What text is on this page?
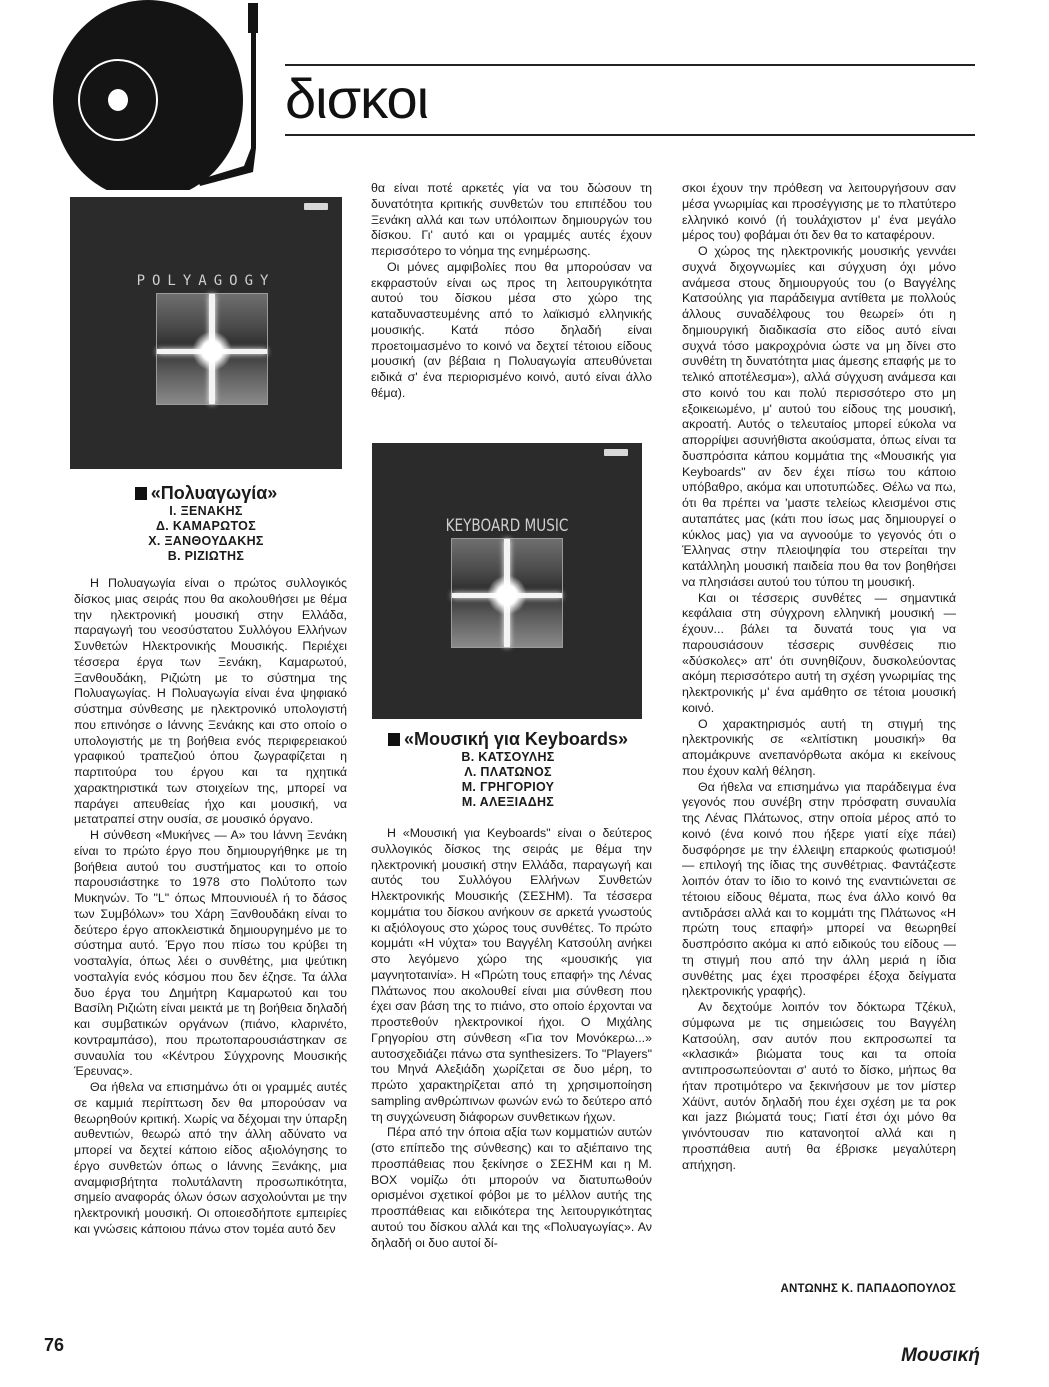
δισκοι
POLYAGOGY
«Πολυαγωγία»
Ι. ΞΕΝΑΚΗΣ
Δ. ΚΑΜΑΡΩΤΟΣ
Χ. ΞΑΝΘΟΥΔΑΚΗΣ
Β. ΡΙΖΙΩΤΗΣ

Η Πολυαγωγία είναι ο πρώτος συλλογικός δίσκος μιας σειράς που θα ακολουθήσει με θέμα την ηλεκτρονική μουσική στην Ελλάδα, παραγωγή του νεοσύστατου Συλλόγου Ελλήνων Συνθετών Ηλεκτρονικής Μουσικής. Περιέχει τέσσερα έργα των Ξενάκη, Καμαρωτού, Ξανθουδάκη, Ριζιώτη με το σύστημα της Πολυαγωγίας. Η Πολυαγωγία είναι ένα ψηφιακό σύστημα σύνθεσης με ηλεκτρονικό υπολογιστή που επινόησε ο Ιάννης Ξενάκης και στο οποίο ο υπολογιστής με τη βοήθεια ενός περιφερειακού γραφικού τραπεζιού όπου ζωγραφίζεται η παρτιτούρα του έργου και τα ηχητικά χαρακτηριστικά των στοιχείων της, μπορεί να παράγει απευθείας ήχο και μουσική, να μετατραπεί στην ουσία, σε μουσικό όργανο.

Η σύνθεση «Μυκήνες — Α» του Ιάννη Ξενάκη είναι το πρώτο έργο που δημιουργήθηκε με τη βοήθεια αυτού του συστήματος και το οποίο παρουσιάστηκε το 1978 στο Πολύτοπο των Μυκηνών. Το "L" όπως Μπουνιουέλ ή το δάσος των Συμβόλων» του Χάρη Ξανθουδάκη είναι το δεύτερο έργο αποκλειστικά δημιουργημένο με το σύστημα αυτό. Έργο που πίσω του κρύβει τη νοσταλγία, όπως λέει ο συνθέτης, μια ψεύτικη νοσταλγία ενός κόσμου που δεν έζησε. Τα άλλα δυο έργα του Δημήτρη Καμαρωτού και του Βασίλη Ριζιώτη είναι μεικτά με τη βοήθεια δηλαδή και συμβατικών οργάνων (πιάνο, κλαρινέτο, κοντραμπάσο), που πρωτοπαρουσιάστηκαν σε συναυλία του «Κέντρου Σύγχρονης Μουσικής Έρευνας».

Θα ήθελα να επισημάνω ότι οι γραμμές αυτές σε καμμιά περίπτωση δεν θα μπορούσαν να θεωρηθούν κριτική. Χωρίς να δέχομαι την ύπαρξη αυθεντιών, θεωρώ από την άλλη αδύνατο να μπορεί να δεχτεί κάποιο είδος αξιολόγησης το έργο συνθετών όπως ο Ιάννης Ξενάκης, μια αναμφισβήτητα πολυτάλαντη προσωπικότητα, σημείο αναφοράς όλων όσων ασχολούνται με την ηλεκτρονική μουσική. Οι οποιεσδήποτε εμπειρίες και γνώσεις κάποιου πάνω στον τομέα αυτό δεν

θα είναι ποτέ αρκετές γία να του δώσουν τη δυνατότητα κριτικής συνθετών του επιπέδου του Ξενάκη αλλά και των υπόλοιπων δημιουργών του δίσκου. Γι' αυτό και οι γραμμές αυτές έχουν περισσότερο το νόημα της ενημέρωσης.

Οι μόνες αμφιβολίες που θα μπορούσαν να εκφραστούν είναι ως προς τη λειτουργικότητα αυτού του δίσκου μέσα στο χώρο της καταδυναστευμένης από το λαϊκισμό ελληνικής μουσικής. Κατά πόσο δηλαδή είναι προετοιμασμένο το κοινό να δεχτεί τέτοιου είδους μουσική (αν βέβαια η Πολυαγωγία απευθύνεται ειδικά σ' ένα περιορισμένο κοινό, αυτό είναι άλλο θέμα).

KEYBOARD MUSIC
«Μουσική για Keyboards»
Β. ΚΑΤΣΟΥΛΗΣ
Λ. ΠΛΑΤΩΝΟΣ
Μ. ΓΡΗΓΟΡΙΟΥ
Μ. ΑΛΕΞΙΑΔΗΣ

Η «Μουσική για Keyboards" είναι ο δεύτερος συλλογικός δίσκος της σειράς με θέμα την ηλεκτρονική μουσική στην Ελλάδα, παραγωγή και αυτός του Συλλόγου Ελλήνων Συνθετών Ηλεκτρονικής Μουσικής (ΣΕΣΗΜ). Τα τέσσερα κομμάτια του δίσκου ανήκουν σε αρκετά γνωστούς κι αξιόλογους στο χώρος τους συνθέτες. Το πρώτο κομμάτι «Η νύχτα» του Βαγγέλη Κατσούλη ανήκει στο λεγόμενο χώρο της «μουσικής για μαγνητοταινία». Η «Πρώτη τους επαφή» της Λένας Πλάτωνος που ακολουθεί είναι μια σύνθεση που έχει σαν βάση της το πιάνο, στο οποίο έρχονται να προστεθούν ηλεκτρονικοί ήχοι. Ο Μιχάλης Γρηγορίου στη σύνθεση «Για τον Μονόκερω...» αυτοσχεδιάζει πάνω στα synthesizers. Το "Players" του Μηνά Αλεξιάδη χωρίζεται σε δυο μέρη, το πρώτο χαρακτηρίζεται από τη χρησιμοποίηση sampling ανθρώπινων φωνών ενώ το δεύτερο από τη συγχώνευση διάφορων συνθετικων ήχων.

Πέρα από την όποια αξία των κομματιών αυτών (στο επίπεδο της σύνθεσης) και το αξιέπαινο της προσπάθειας που ξεκίνησε ο ΣΕΣΗΜ και η Μ. ΒΟΧ νομίζω ότι μπορούν να διατυπωθούν ορισμένοι σχετικοί φόβοι με το μέλλον αυτής της προσπάθειας και ειδικότερα της λειτουργικότητας αυτού του δίσκου αλλά και της «Πολυαγωγίας». Αν δηλαδή οι δυο αυτοί δί-

σκοι έχουν την πρόθεση να λειτουργήσουν σαν μέσα γνωριμίας και προσέγγισης με το πλατύτερο ελληνικό κοινό (ή τουλάχιστον μ' ένα μεγάλο μέρος του) φοβάμαι ότι δεν θα το καταφέρουν.

Ο χώρος της ηλεκτρονικής μουσικής γεννάει συχνά διχογνωμίες και σύγχυση όχι μόνο ανάμεσα στους δημιουργούς του (ο Βαγγέλης Κατσούλης για παράδειγμα αντίθετα με πολλούς άλλους συναδέλφους του θεωρεί» ότι η δημιουργική διαδικασία στο είδος αυτό είναι συχνά τόσο μακροχρόνια ώστε να μη δίνει στο συνθέτη τη δυνατότητα μιας άμεσης επαφής με το τελικό αποτέλεσμα»), αλλά σύγχυση ανάμεσα και στο κοινό του και πολύ περισσότερο στο μη εξοικειωμένο, μ' αυτού του είδους της μουσική, ακροατή. Αυτός ο τελευταίος μπορεί εύκολα να απορρίψει ασυνήθιστα ακούσματα, όπως είναι τα δυσπρόσιτα κάπου κομμάτια της «Μουσικής για Keyboards" αν δεν έχει πίσω του κάποιο υπόβαθρο, ακόμα και υποτυπώδες. Θέλω να πω, ότι θα πρέπει να 'μαστε τελείως κλεισμένοι στις αυταπάτες μας (κάτι που ίσως μας δημιουργεί ο κύκλος μας) για να αγνοούμε το γεγονός ότι ο Έλληνας στην πλειοψηφία του στερείται την κατάλληλη μουσική παιδεία που θα τον βοηθήσει να πλησιάσει αυτού του τύπου τη μουσική.

Και οι τέσσερις συνθέτες — σημαντικά κεφάλαια στη σύγχρονη ελληνική μουσική — έχουν... βάλει τα δυνατά τους για να παρουσιάσουν τέσσερις συνθέσεις πιο «δύσκολες» απ' ότι συνηθίζουν, δυσκολεύοντας ακόμη περισσότερο αυτή τη σχέση γνωριμίας της ηλεκτρονικής μ' ένα αμάθητο σε τέτοια μουσική κοινό.

Ο χαρακτηρισμός αυτή τη στιγμή της ηλεκτρονικής σε «ελιτίστικη μουσική» θα απομάκρυνε ανεπανόρθωτα ακόμα κι εκείνους που έχουν καλή θέληση.

Θα ήθελα να επισημάνω για παράδειγμα ένα γεγονός που συνέβη στην πρόσφατη συναυλία της Λένας Πλάτωνος, στην οποία μέρος από το κοινό (ένα κοινό που ήξερε γιατί είχε πάει) δυσφόρησε με την έλλειψη επαρκούς φωτισμού! — επιλογή της ίδιας της συνθέτριας. Φαντάζεστε λοιπόν όταν το ίδιο το κοινό της εναντιώνεται σε τέτοιου είδους θέματα, πως ένα άλλο κοινό θα αντιδράσει αλλά και το κομμάτι της Πλάτωνος «Η πρώτη τους επαφή» μπορεί να θεωρηθεί δυσπρόσιτο ακόμα κι από ειδικούς του είδους — τη στιγμή που από την άλλη μεριά η ίδια συνθέτης μας έχει προσφέρει έξοχα δείγματα ηλεκτρονικής γραφής).

Αν δεχτούμε λοιπόν τον δόκτωρα Τζέκυλ, σύμφωνα με τις σημειώσεις του Βαγγέλη Κατσούλη, σαν αυτόν που εκπροσωπεί τα «κλασικά» βιώματα τους και τα οποία αντιπροσωπεύονται σ' αυτό το δίσκο, μήπως θα ήταν προτιμότερο να ξεκινήσουν με τον μίστερ Χάϋντ, αυτόν δηλαδή που έχει σχέση με τα ροκ και jazz βιώματά τους; Γιατί έτσι όχι μόνο θα γινόντουσαν πιο κατανοητοί αλλά και η προσπάθεια αυτή θα έβρισκε μεγαλύτερη απήχηση.

ΑΝΤΩΝΗΣ Κ. ΠΑΠΑΔΟΠΟΥΛΟΣ
76	Μουσική
